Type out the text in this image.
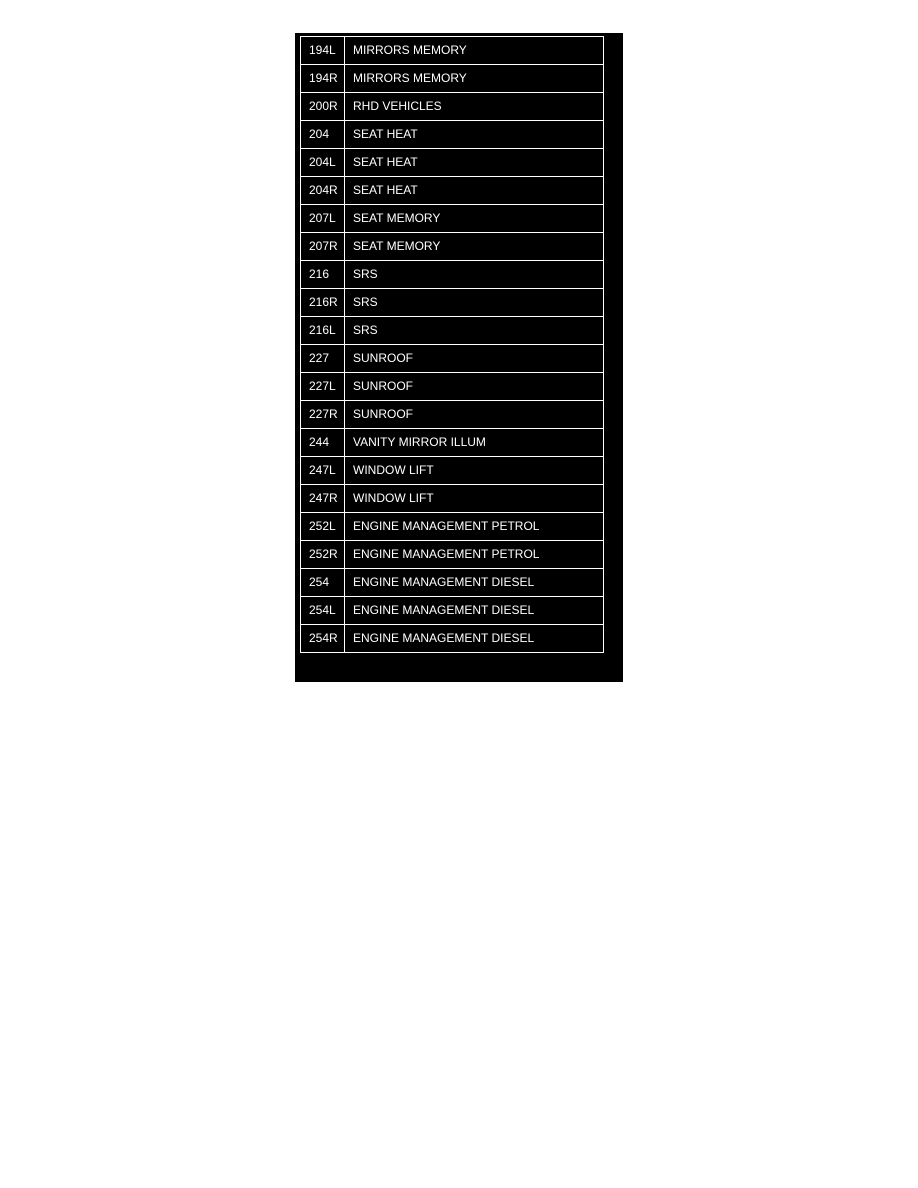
194L	MIRRORS MEMORY
194R	MIRRORS MEMORY
200R	RHD VEHICLES
204	SEAT HEAT
204L	SEAT HEAT
204R	SEAT HEAT
207L	SEAT MEMORY
207R	SEAT MEMORY
216	SRS
216R	SRS
216L	SRS
227	SUNROOF
227L	SUNROOF
227R	SUNROOF
244	VANITY MIRROR ILLUM
247L	WINDOW LIFT
247R	WINDOW LIFT
252L	ENGINE MANAGEMENT PETROL
252R	ENGINE MANAGEMENT PETROL
254	ENGINE MANAGEMENT DIESEL
254L	ENGINE MANAGEMENT DIESEL
254R	ENGINE MANAGEMENT DIESEL
